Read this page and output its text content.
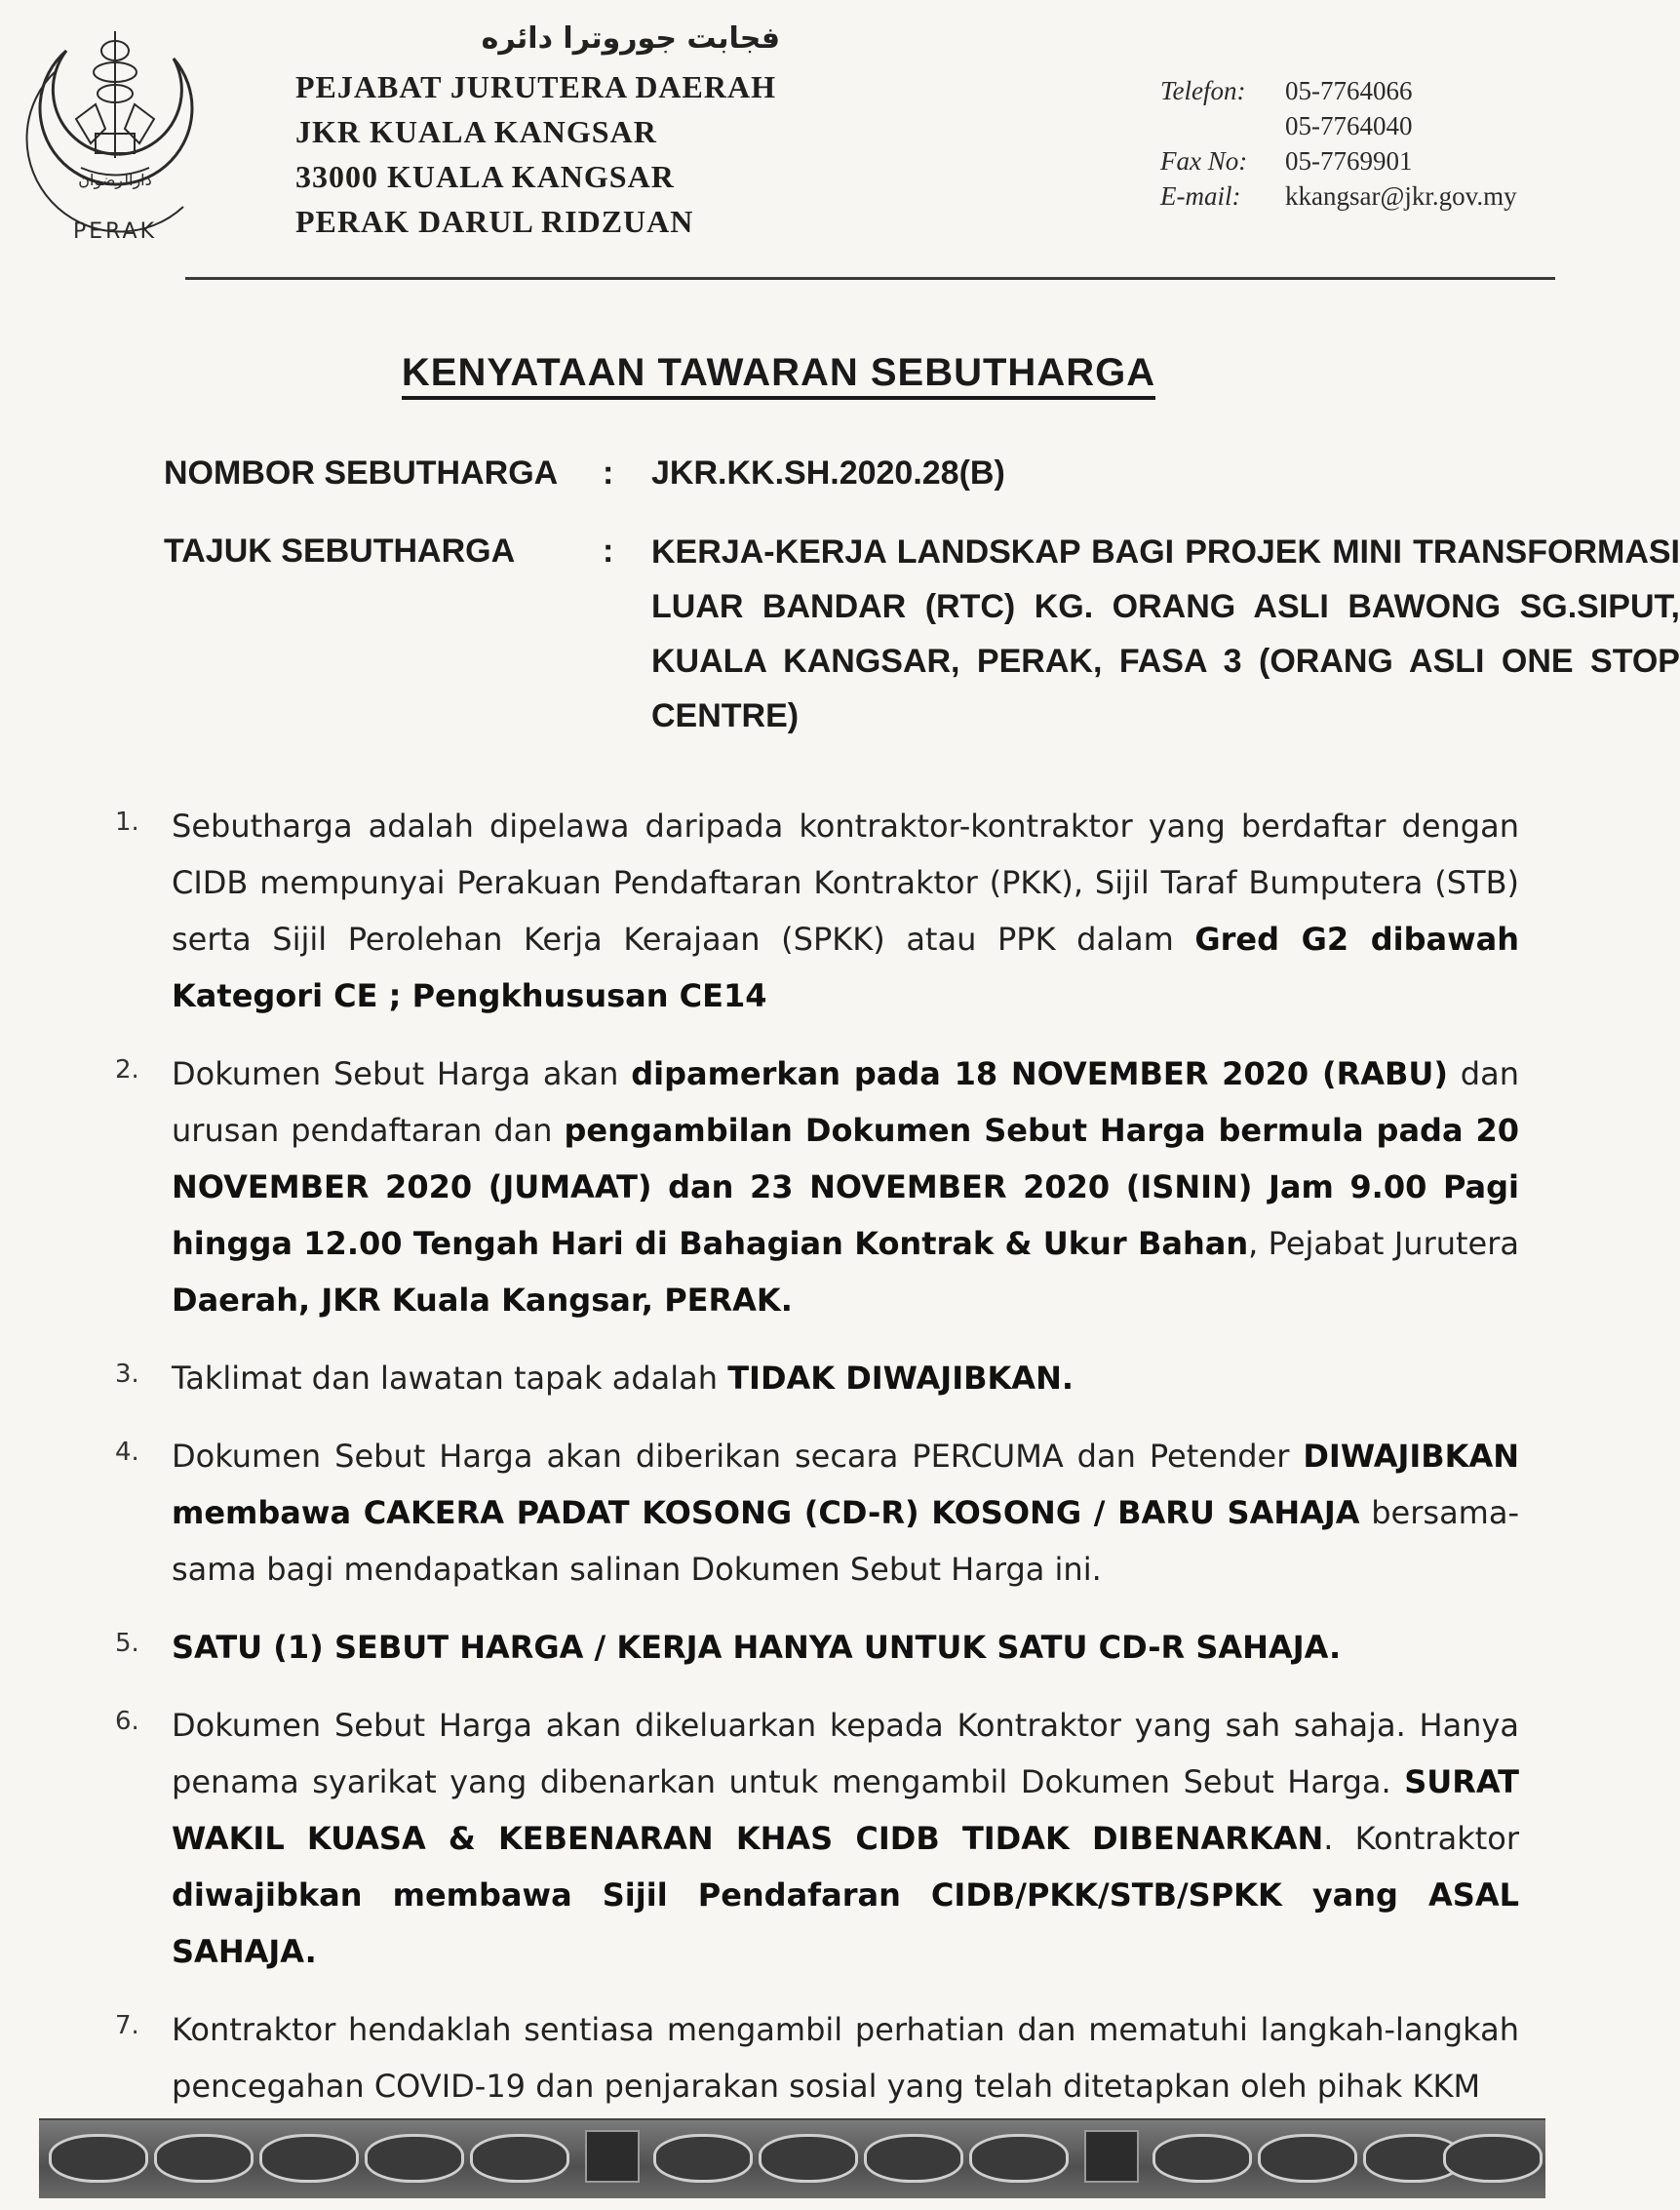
دارالرضوان
PERAK
فجابت جوروترا دائره
PEJABAT JURUTERA DAERAH
JKR KUALA KANGSAR
33000 KUALA KANGSAR
PERAK DARUL RIDZUAN
Telefon:	05-7764066
	05-7764040
Fax No:	05-7769901
E-mail:	kkangsar@jkr.gov.my
KENYATAAN TAWARAN SEBUTHARGA
NOMBOR SEBUTHARGA	: JKR.KK.SH.2020.28(B)
TAJUK SEBUTHARGA	: KERJA-KERJA LANDSKAP BAGI PROJEK MINI TRANSFORMASI LUAR BANDAR (RTC) KG. ORANG ASLI BAWONG SG.SIPUT, KUALA KANGSAR, PERAK, FASA 3 (ORANG ASLI ONE STOP CENTRE)
1.	Sebutharga adalah dipelawa daripada kontraktor-kontraktor yang berdaftar dengan CIDB mempunyai Perakuan Pendaftaran Kontraktor (PKK), Sijil Taraf Bumputera (STB) serta Sijil Perolehan Kerja Kerajaan (SPKK) atau PPK dalam Gred G2 dibawah Kategori CE ; Pengkhususan CE14
2.	Dokumen Sebut Harga akan dipamerkan pada 18 NOVEMBER 2020 (RABU) dan urusan pendaftaran dan pengambilan Dokumen Sebut Harga bermula pada 20 NOVEMBER 2020 (JUMAAT) dan 23 NOVEMBER 2020 (ISNIN) Jam 9.00 Pagi hingga 12.00 Tengah Hari di Bahagian Kontrak & Ukur Bahan, Pejabat Jurutera Daerah, JKR Kuala Kangsar, PERAK.
3.	Taklimat dan lawatan tapak adalah TIDAK DIWAJIBKAN.
4.	Dokumen Sebut Harga akan diberikan secara PERCUMA dan Petender DIWAJIBKAN membawa CAKERA PADAT KOSONG (CD-R) KOSONG / BARU SAHAJA bersama-sama bagi mendapatkan salinan Dokumen Sebut Harga ini.
5.	SATU (1) SEBUT HARGA / KERJA HANYA UNTUK SATU CD-R SAHAJA.
6.	Dokumen Sebut Harga akan dikeluarkan kepada Kontraktor yang sah sahaja. Hanya penama syarikat yang dibenarkan untuk mengambil Dokumen Sebut Harga. SURAT WAKIL KUASA & KEBENARAN KHAS CIDB TIDAK DIBENARKAN. Kontraktor diwajibkan membawa Sijil Pendafaran CIDB/PKK/STB/SPKK yang ASAL SAHAJA.
7.	Kontraktor hendaklah sentiasa mengambil perhatian dan mematuhi langkah-langkah pencegahan COVID-19 dan penjarakan sosial yang telah ditetapkan oleh pihak KKM
